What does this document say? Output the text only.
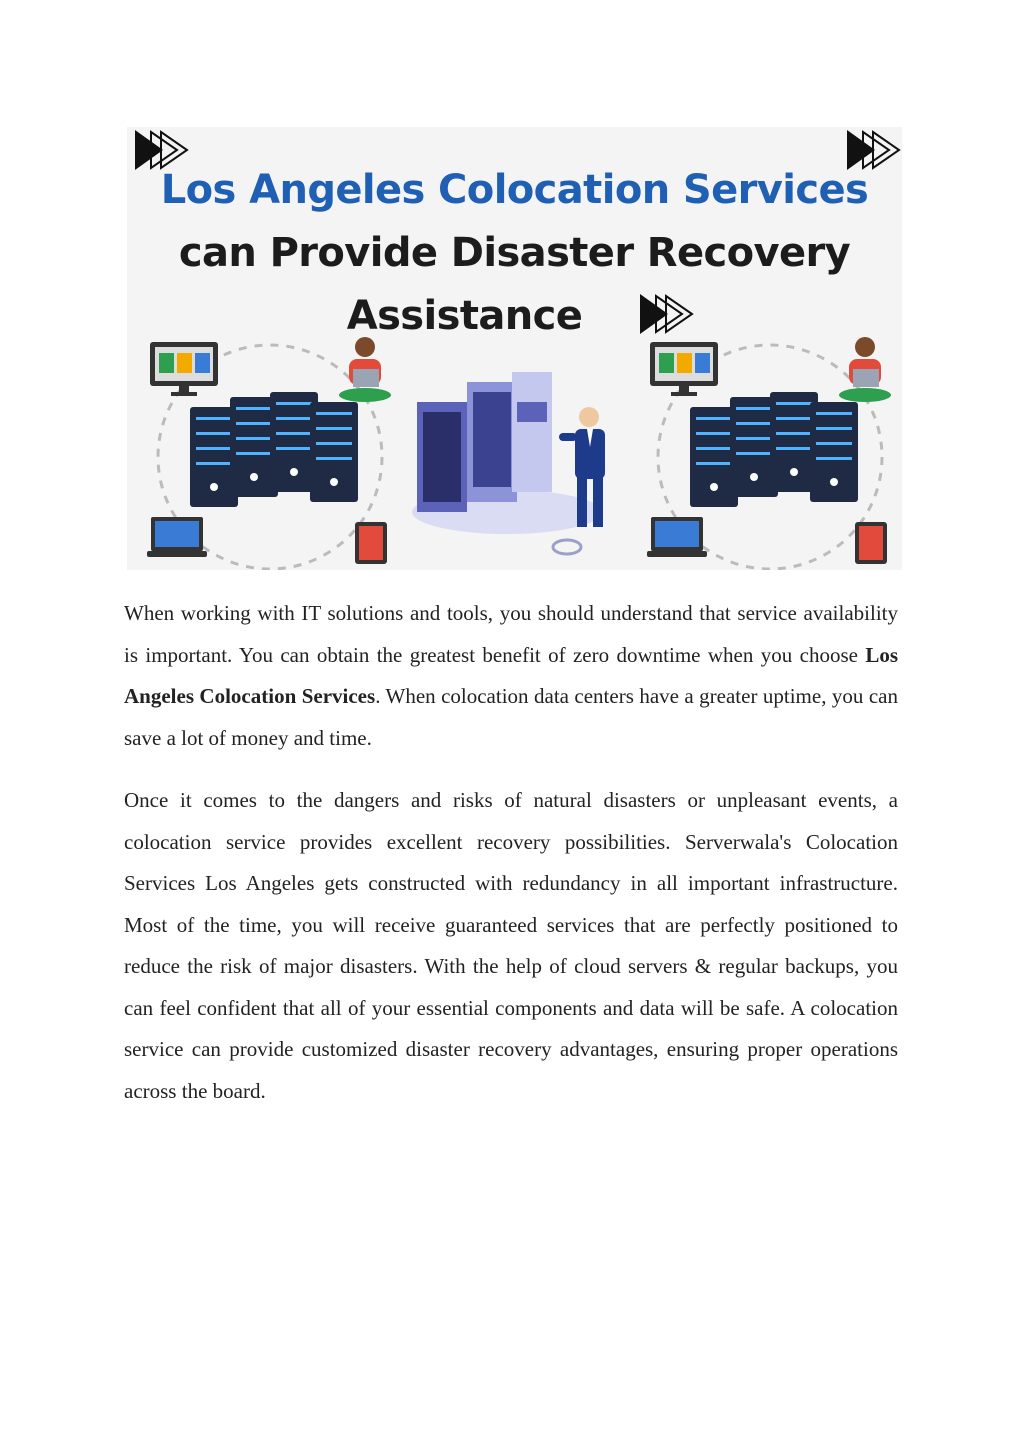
Los Angeles Colocation Services
can Provide Disaster Recovery
Assistance

When working with IT solutions and tools, you should understand that service availability is important. You can obtain the greatest benefit of zero downtime when you choose Los Angeles Colocation Services. When colocation data centers have a greater uptime, you can save a lot of money and time.

Once it comes to the dangers and risks of natural disasters or unpleasant events, a colocation service provides excellent recovery possibilities. Serverwala's Colocation Services Los Angeles gets constructed with redundancy in all important infrastructure. Most of the time, you will receive guaranteed services that are perfectly positioned to reduce the risk of major disasters. With the help of cloud servers & regular backups, you can feel confident that all of your essential components and data will be safe. A colocation service can provide customized disaster recovery advantages, ensuring proper operations across the board.
